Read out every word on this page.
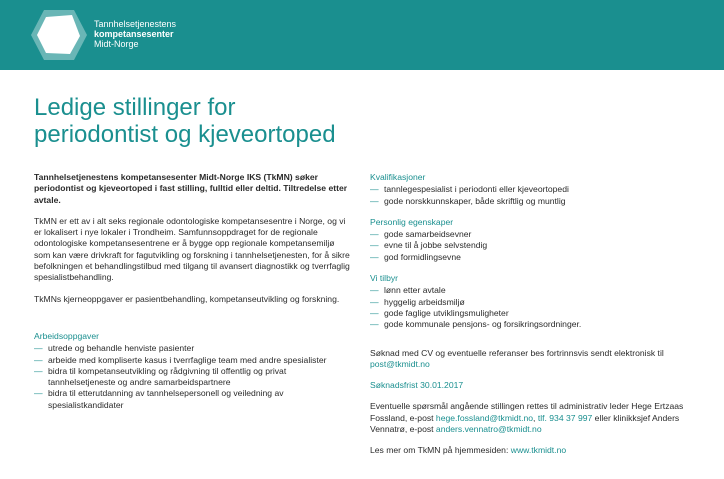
Tannhelsetjenestens
kompetansesenter
Midt-Norge
Ledige stillinger for
periodontist og kjeveortoped

Tannhelsetjenestens kompetansesenter Midt-Norge IKS (TkMN) søker periodontist og kjeveortoped i fast stilling, fulltid eller deltid. Tiltredelse etter avtale.

TkMN er ett av i alt seks regionale odontologiske kompetansesentre i Norge, og vi er lokalisert i nye lokaler i Trondheim. Samfunnsoppdraget for de regionale odontologiske kompetansesentrene er å bygge opp regionale kompetansemiljø som kan være drivkraft for fagutvikling og forskning i tannhelsetjenesten, for å sikre befolkningen et behandlingstilbud med tilgang til avansert diagnostikk og tverrfaglig spesialistbehandling.

TkMNs kjerneoppgaver er pasientbehandling, kompetanseutvikling og forskning.

Arbeidsoppgaver
— utrede og behandle henviste pasienter
— arbeide med kompliserte kasus i tverrfaglige team med andre spesialister
— bidra til kompetanseutvikling og rådgivning til offentlig og privat tannhelsetjeneste og andre samarbeidspartnere
— bidra til etterutdanning av tannhelsepersonell og veiledning av spesialistkandidater
Kvalifikasjoner
— tannlegespesialist i periodonti eller kjeveortopedi
— gode norskkunnskaper, både skriftlig og muntlig
Personlig egenskaper
— gode samarbeidsevner
— evne til å jobbe selvstendig
— god formidlingsevne
Vi tilbyr
— lønn etter avtale
— hyggelig arbeidsmiljø
— gode faglige utviklingsmuligheter
— gode kommunale pensjons- og forsikringsordninger.

Søknad med CV og eventuelle referanser bes fortrinnsvis sendt elektronisk til post@tkmidt.no

Søknadsfrist 30.01.2017

Eventuelle spørsmål angående stillingen rettes til administrativ leder Hege Ertzaas Fossland, e-post hege.fossland@tkmidt.no, tlf. 934 37 997 eller klinikksjef Anders Vennatrø, e-post anders.vennatro@tkmidt.no

Les mer om TkMN på hjemmesiden: www.tkmidt.no
